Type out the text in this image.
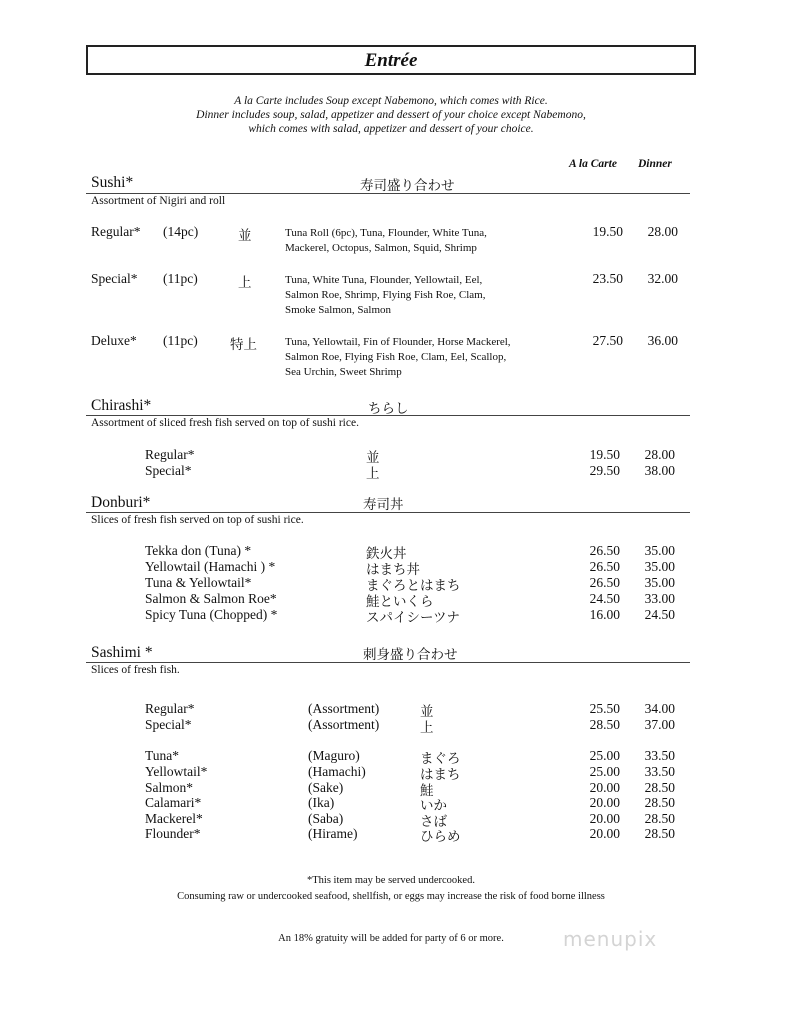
Entrée
A la Carte includes Soup except Nabemono, which comes with Rice.
Dinner includes soup, salad, appetizer and dessert of your choice except Nabemono,
which comes with salad, appetizer and dessert of your choice.
A la Carte Dinner
Sushi*	寿司盛り合わせ
Assortment of Nigiri and roll
Regular* (14pc)	並	Tuna Roll (6pc), Tuna, Flounder, White Tuna,
Mackerel, Octopus, Salmon, Squid, Shrimp
19.50	28.00
Special* (11pc)	上	Tuna, White Tuna, Flounder, Yellowtail, Eel,
Salmon Roe, Shrimp, Flying Fish Roe, Clam,
Smoke Salmon, Salmon
23.50	32.00
Deluxe* (11pc) 特上	Tuna, Yellowtail, Fin of Flounder, Horse Mackerel,
Salmon Roe, Flying Fish Roe, Clam, Eel, Scallop,
Sea Urchin, Sweet Shrimp
27.50	36.00
Chirashi*	ちらし
Assortment of sliced fresh fish served on top of sushi rice.
Regular*	並	19.50	28.00
Special*	上	29.50	38.00
Donburi*	寿司丼
Slices of fresh fish served on top of sushi rice.
Tekka don (Tuna) *	鉄火丼	26.50	35.00
Yellowtail (Hamachi ) *	はまち丼	26.50	35.00
Tuna & Yellowtail*	まぐろとはまち	26.50	35.00
Salmon & Salmon Roe*	鮭といくら	24.50	33.00
Spicy Tuna (Chopped) *	スパイシーツナ	16.00	24.50
Sashimi *	刺身盛り合わせ
Slices of fresh fish.
Regular*	(Assortment)	並	25.50	34.00
Special*	(Assortment)	上	28.50	37.00
Tuna*	(Maguro)	まぐろ	25.00	33.50
Yellowtail*	(Hamachi)	はまち	25.00	33.50
Salmon*	(Sake)	鮭	20.00	28.50
Calamari*	(Ika)	いか	20.00	28.50
Mackerel*	(Saba)	さば	20.00	28.50
Flounder*	(Hirame)	ひらめ	20.00	28.50
*This item may be served undercooked.
Consuming raw or undercooked seafood, shellfish, or eggs may increase the risk of food borne illness
An 18% gratuity will be added for party of 6 or more.	menupix
